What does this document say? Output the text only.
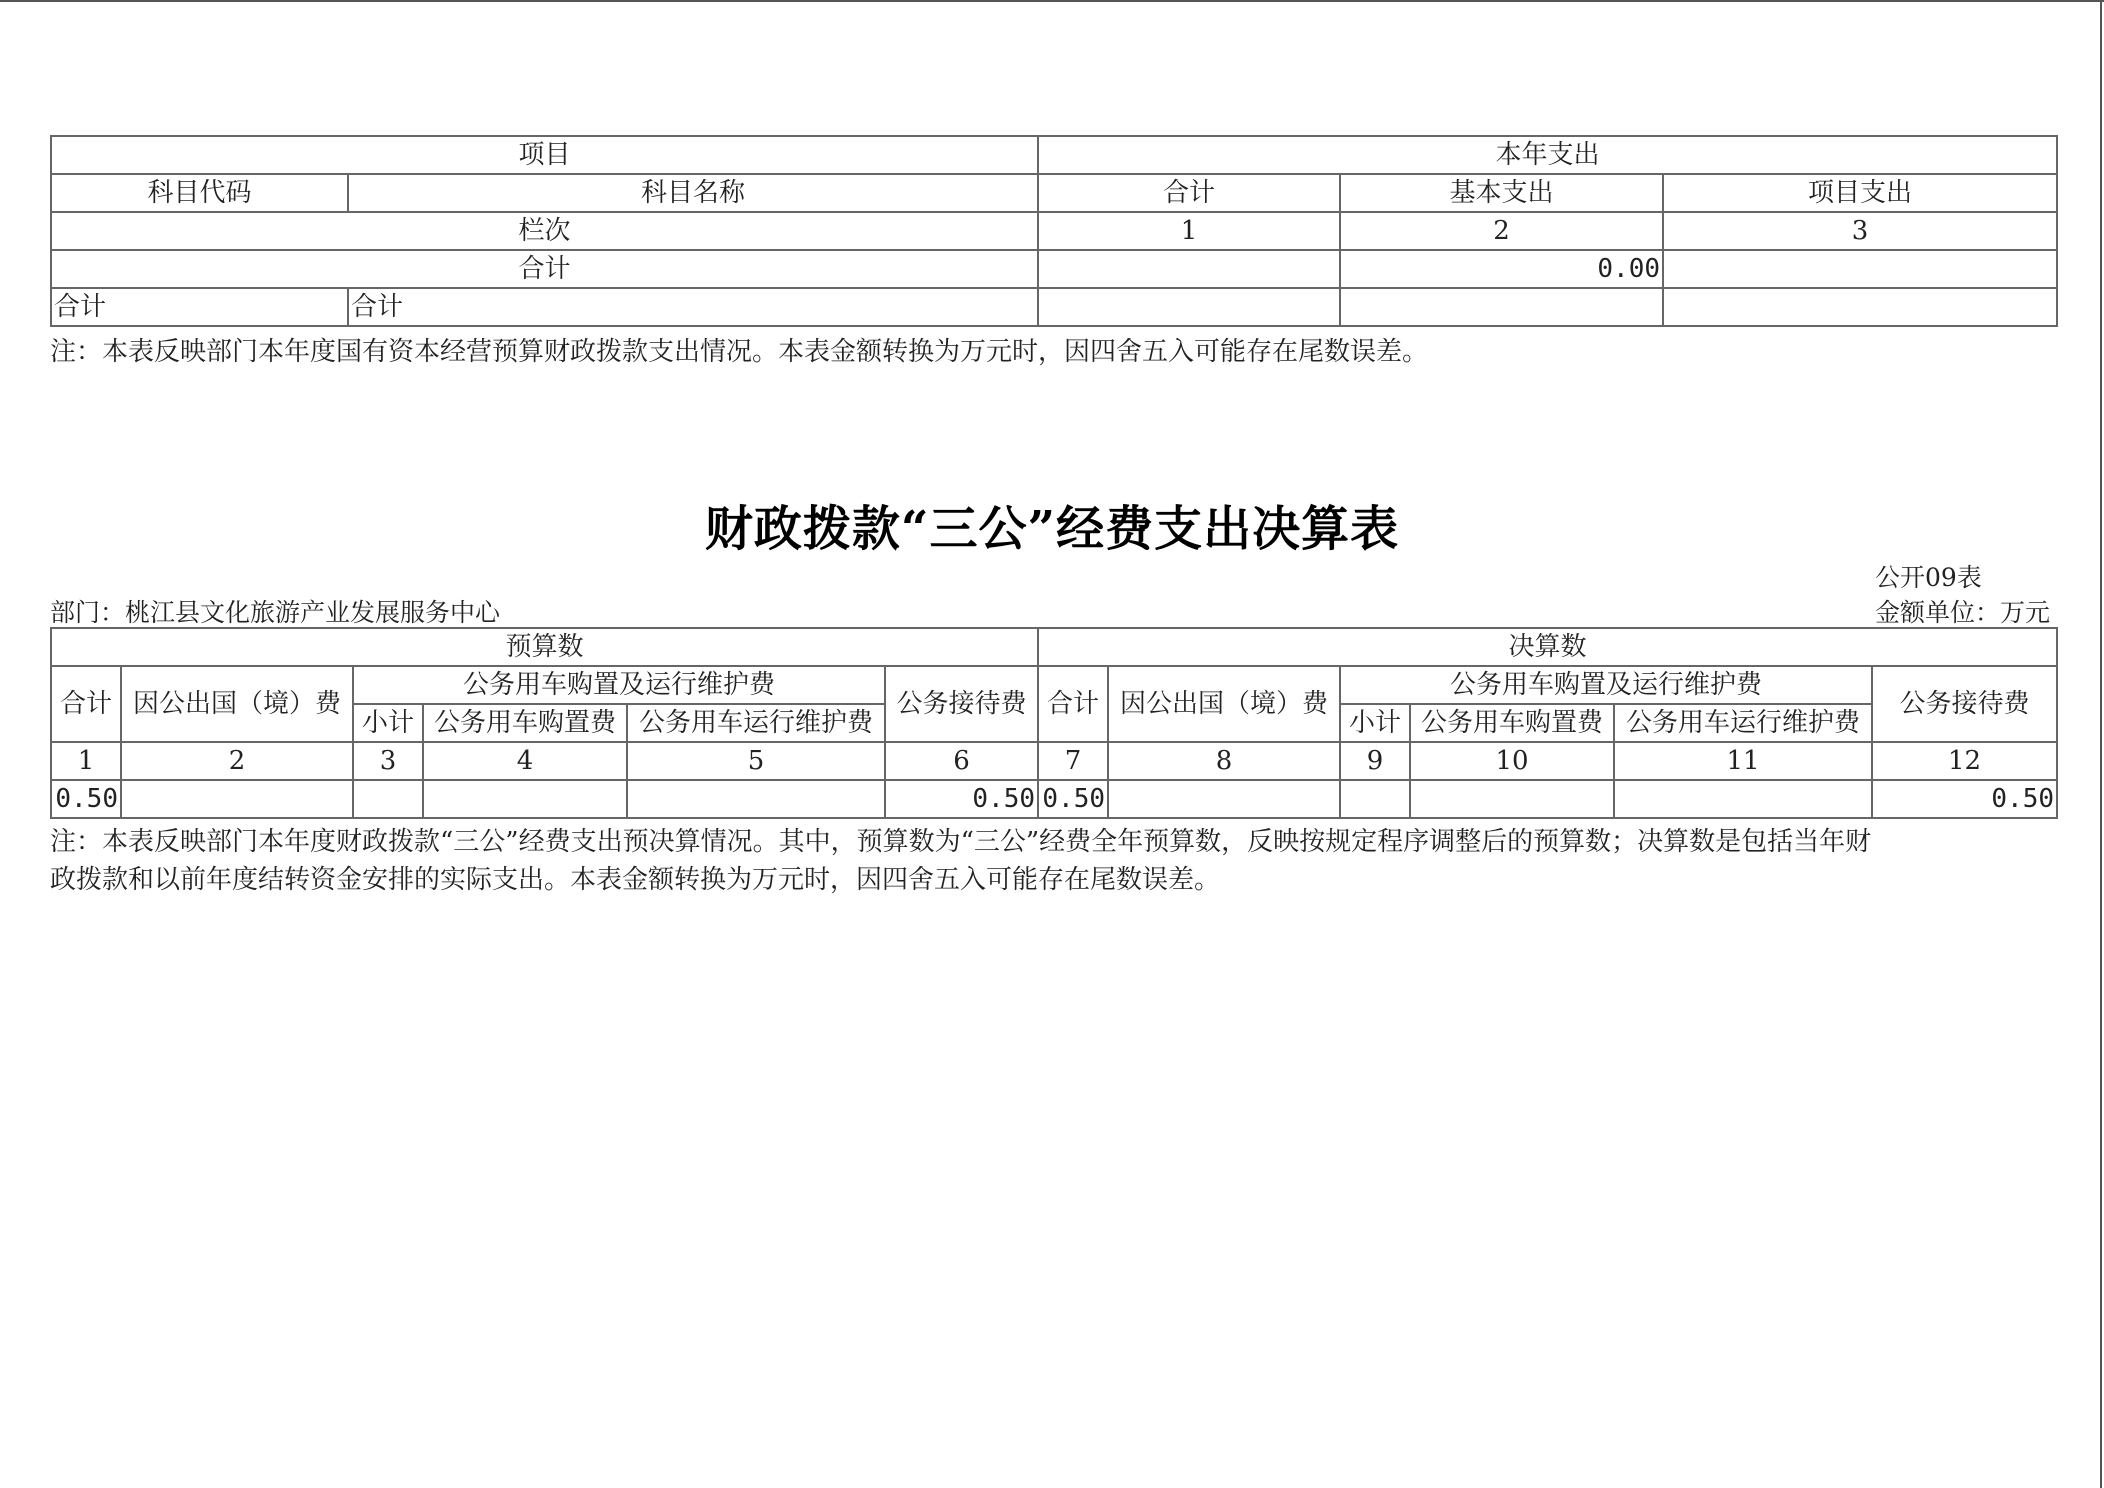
项目		本年支出		
科目代码	科目名称	合计	基本支出	项目支出
栏次		1	2	3
合计			0.00	
合计	合计			
注：本表反映部门本年度国有资本经营预算财政拨款支出情况。本表金额转换为万元时，因四舍五入可能存在尾数误差。
财政拨款“三公”经费支出决算表
公开09表
部门：桃江县文化旅游产业发展服务中心	金额单位：万元
预算数						决算数					
合计	因公出国（境）费	公务用车购置及运行维护费			公务接待费	合计	因公出国（境）费	公务用车购置及运行维护费			公务接待费
		小计	公务用车购置费	公务用车运行维护费				小计	公务用车购置费	公务用车运行维护费	
1	2	3	4	5	6	7	8	9	10	11	12
0.50					0.50	0.50					0.50
注：本表反映部门本年度财政拨款“三公”经费支出预决算情况。其中，预算数为“三公”经费全年预算数，反映按规定程序调整后的预算数；决算数是包括当年财
政拨款和以前年度结转资金安排的实际支出。本表金额转换为万元时，因四舍五入可能存在尾数误差。
